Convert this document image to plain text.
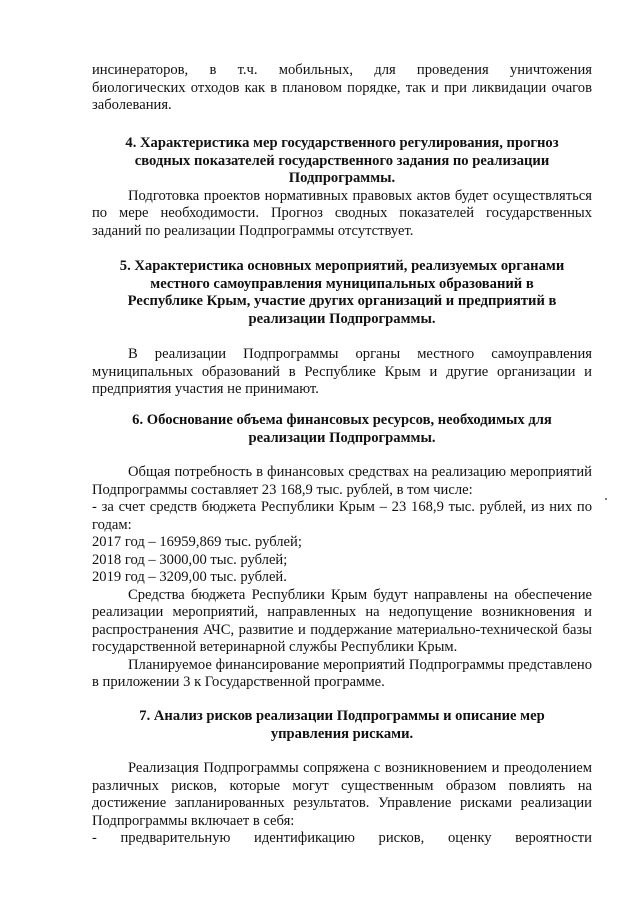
инсинераторов, в т.ч. мобильных, для проведения уничтожения

биологических отходов как в плановом порядке, так и при ликвидации очагов заболевания.

4. Характеристика мер государственного регулирования, прогноз
сводных показателей государственного задания по реализации
Подпрограммы.

Подготовка проектов нормативных правовых актов будет осуществляться по мере необходимости. Прогноз сводных показателей государственных заданий по реализации Подпрограммы отсутствует.

5. Характеристика основных мероприятий, реализуемых органами
местного самоуправления муниципальных образований в
Республике Крым, участие других организаций и предприятий в
реализации Подпрограммы.

В реализации Подпрограммы органы местного самоуправления муниципальных образований в Республике Крым и другие организации и предприятия участия не принимают.

6. Обоснование объема финансовых ресурсов, необходимых для
реализации Подпрограммы.

Общая потребность в финансовых средствах на реализацию мероприятий Подпрограммы составляет 23 168,9 тыс. рублей, в том числе:

- за счет средств бюджета Республики Крым – 23 168,9 тыс. рублей, из них по годам:

2017 год – 16959,869 тыс. рублей;

2018 год – 3000,00 тыс. рублей;

2019 год – 3209,00 тыс. рублей.

Средства бюджета Республики Крым будут направлены на обеспечение реализации мероприятий, направленных на недопущение возникновения и распространения АЧС, развитие и поддержание материально-технической базы государственной ветеринарной службы Республики Крым.

Планируемое финансирование мероприятий Подпрограммы представлено в приложении 3 к Государственной программе.

7. Анализ рисков реализации Подпрограммы и описание мер
управления рисками.

Реализация Подпрограммы сопряжена с возникновением и преодолением различных рисков, которые могут существенным образом повлиять на достижение запланированных результатов. Управление рисками реализации Подпрограммы включает в себя:

- предварительную идентификацию рисков, оценку вероятности
